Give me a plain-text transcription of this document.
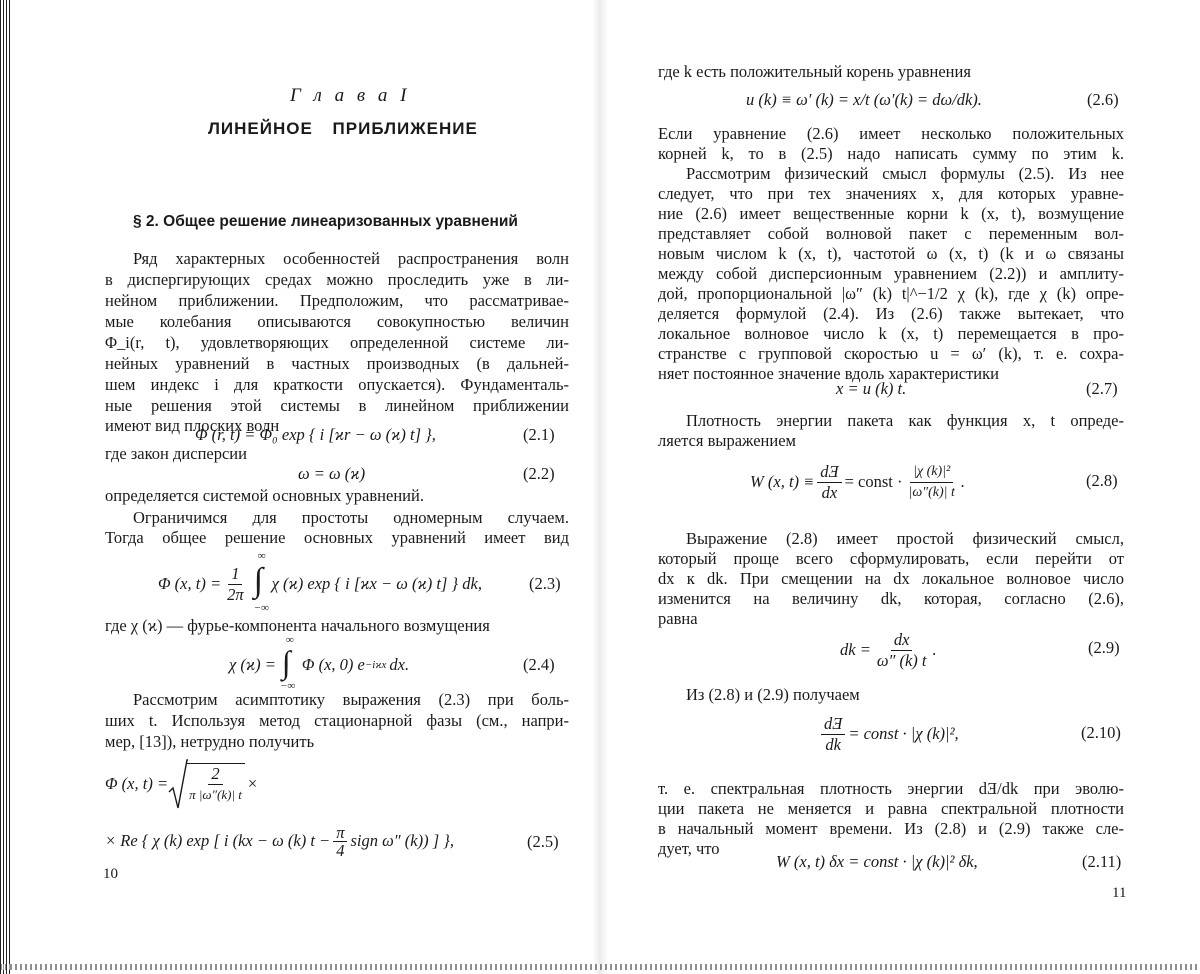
Г л а в а I

ЛИНЕЙНОЕ ПРИБЛИЖЕНИЕ

§ 2. Общее решение линеаризованных уравнений

Ряд характерных особенностей распространения волн

в диспергирующих средах можно проследить уже в ли-

нейном приближении. Предположим, что рассматривае-

мые колебания описываются совокупностью величин

Φ_i(r, t), удовлетворяющих определенной системе ли-

нейных уравнений в частных производных (в дальней-

шем индекс i для краткости опускается). Фундаменталь-

ные решения этой системы в линейном приближении

имеют вид плоских волн

Φ (r, t) = Φ₀ exp { i [ϰr − ω (ϰ) t] },	(2.1)

где закон дисперсии

ω = ω (ϰ)	(2.2)

определяется системой основных уравнений.

Ограничимся для простоты одномерным случаем.

Тогда общее решение основных уравнений имеет вид

Φ (x, $t) = \frac{1}{2\pi}$ ∫
∞
−∞
χ (ϰ) exp { i [ϰx − ω (ϰ) t] } dk,	(2.3)

где χ (ϰ) — фурье-компонента начального возмущения

χ (ϰ) = ∫
∞
−∞
Φ (x, 0) e −iϰx dx.	(2.4)

Рассмотрим асимптотику выражения (2.3) при боль-

ших t. Используя метод стационарной фазы (см., напри-

мер, [13]), нетрудно получить

Φ (x, $t) = \frac{2}{\pi |\omega''(k)| t}$ ×
× Re { χ (k) exp [ i (kx − ω (k) $t - \frac{\pi}{4}$ sign ω″ (k)) ] },	(2.5)

10

где k есть положительный корень уравнения

u (k) ≡ ω′ (k) = x/t (ω′(k) = dω/dk).	(2.6)

Если уравнение (2.6) имеет несколько положительных

корней k, то в (2.5) надо написать сумму по этим k.

Рассмотрим физический смысл формулы (2.5). Из нее

следует, что при тех значениях x, для которых уравне-

ние (2.6) имеет вещественные корни k (x, t), возмущение

представляет собой волновой пакет с переменным вол-

новым числом k (x, t), частотой ω (x, t) (k и ω связаны

между собой дисперсионным уравнением (2.2)) и амплиту-

дой, пропорциональной |ω″ (k) t|^−1/2 χ (k), где χ (k) опре-

деляется формулой (2.4). Из (2.6) также вытекает, что

локальное волновое число k (x, t) перемещается в про-

странстве с групповой скоростью u = ω′ (k), т. е. сохра-

няет постоянное значение вдоль характеристики

x = u (k) t.	(2.7)

Плотность энергии пакета как функция x, t опреде-

ляется выражением

W (x, $t) \equiv \frac{dƎ}{dx}$ = const · $\frac{\text{|χ (k)|²}}{|\omega''(k)| t}$ .	(2.8)

Выражение (2.8) имеет простой физический смысл,

который проще всего сформулировать, если перейти от

dx к dk. При смещении на dx локальное волновое число

изменится на величину dk, которая, согласно (2.6),

равна

dk = $\frac{dx}{\omega'' (k) t}$ .	(2.9)

Из (2.8) и (2.9) получаем

$\frac{dƎ}{dk}$ = const · |χ (k)|²,	(2.10)

т. е. спектральная плотность энергии dƎ/dk при эволю-

ции пакета не меняется и равна спектральной плотности

в начальный момент времени. Из (2.8) и (2.9) также сле-

дует, что

W (x, t) δx = const · |χ (k)|² δk,	(2.11)

11
